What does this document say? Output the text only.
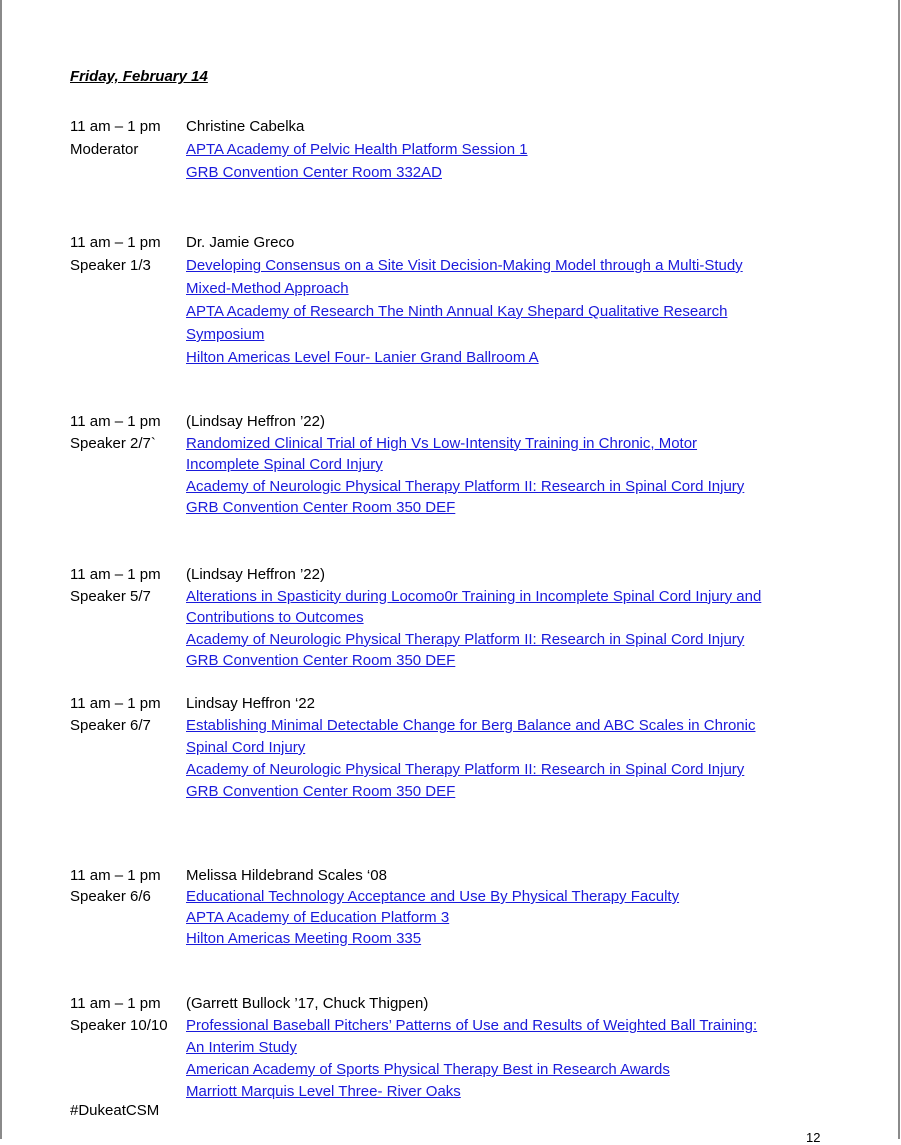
Friday, February 14
11 am – 1 pm	Christine Cabelka
Moderator	APTA Academy of Pelvic Health Platform Session 1
GRB Convention Center Room 332AD
11 am – 1 pm	Dr. Jamie Greco
Speaker 1/3	Developing Consensus on a Site Visit Decision-Making Model through a Multi-Study
Mixed-Method Approach
APTA Academy of Research The Ninth Annual Kay Shepard Qualitative Research
Symposium
Hilton Americas Level Four- Lanier Grand Ballroom A
11 am – 1 pm	(Lindsay Heffron ’22)
Speaker 2/7`	Randomized Clinical Trial of High Vs Low-Intensity Training in Chronic, Motor
Incomplete Spinal Cord Injury
Academy of Neurologic Physical Therapy Platform II: Research in Spinal Cord Injury
GRB Convention Center Room 350 DEF
11 am – 1 pm	(Lindsay Heffron ’22)
Speaker 5/7	Alterations in Spasticity during Locomo0r Training in Incomplete Spinal Cord Injury and
Contributions to Outcomes
Academy of Neurologic Physical Therapy Platform II: Research in Spinal Cord Injury
GRB Convention Center Room 350 DEF
11 am – 1 pm	Lindsay Heffron ‘22
Speaker 6/7	Establishing Minimal Detectable Change for Berg Balance and ABC Scales in Chronic
Spinal Cord Injury
Academy of Neurologic Physical Therapy Platform II: Research in Spinal Cord Injury
GRB Convention Center Room 350 DEF
11 am – 1 pm	Melissa Hildebrand Scales ‘08
Speaker 6/6	Educational Technology Acceptance and Use By Physical Therapy Faculty
APTA Academy of Education Platform 3
Hilton Americas Meeting Room 335
11 am – 1 pm	(Garrett Bullock ’17, Chuck Thigpen)
Speaker 10/10	Professional Baseball Pitchers’ Patterns of Use and Results of Weighted Ball Training:
An Interim Study
American Academy of Sports Physical Therapy Best in Research Awards
Marriott Marquis Level Three- River Oaks
#DukeatCSM
12
